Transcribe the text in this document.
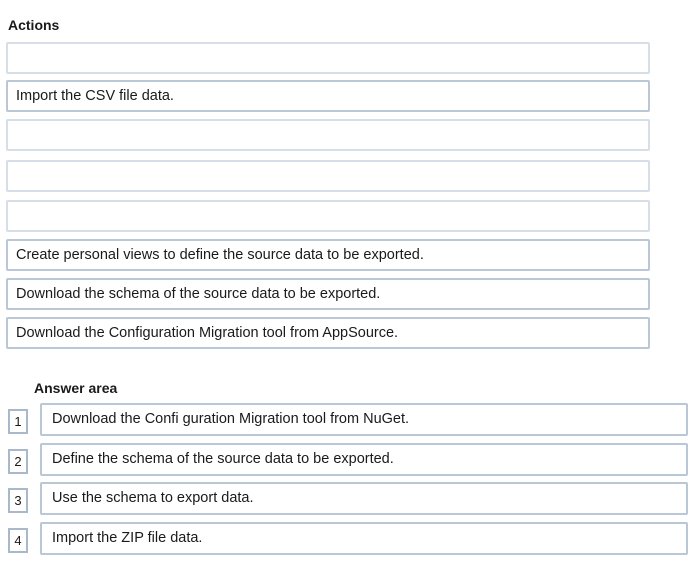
Actions
Import the CSV file data.
Create personal views to define the source data to be exported.
Download the schema of the source data to be exported.
Download the Configuration Migration tool from AppSource.
Answer area
1	Download the Confi guration Migration tool from NuGet.
2	Define the schema of the source data to be exported.
3	Use the schema to export data.
4	Import the ZIP file data.
